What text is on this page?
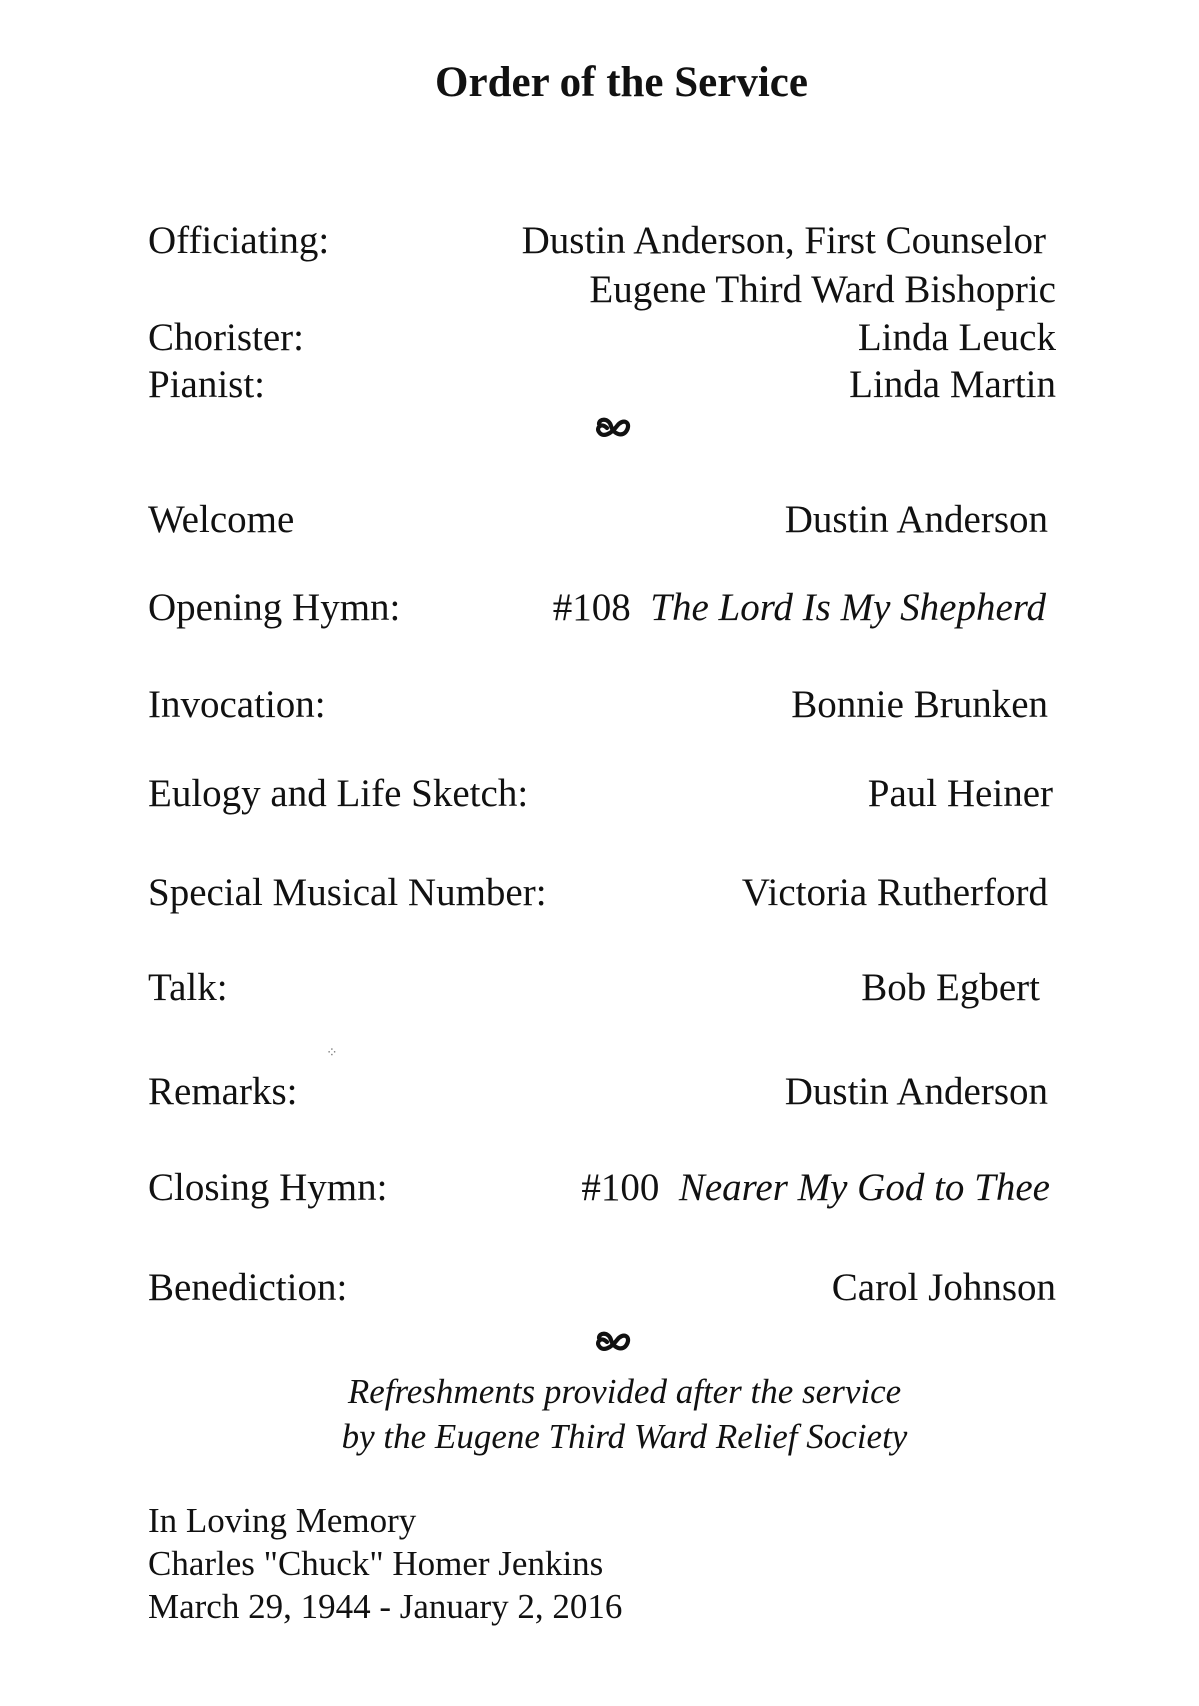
Order of the Service
Officiating:	Dustin Anderson, First Counselor
Eugene Third Ward Bishopric
Chorister:	Linda Leuck
Pianist:	Linda Martin
Welcome	Dustin Anderson
Opening Hymn:	#108 The Lord Is My Shepherd
Invocation:	Bonnie Brunken
Eulogy and Life Sketch:	Paul Heiner
Special Musical Number:	Victoria Rutherford
Talk:	Bob Egbert
Remarks:	Dustin Anderson
Closing Hymn:	#100 Nearer My God to Thee
Benediction:	Carol Johnson
Refreshments provided after the service
by the Eugene Third Ward Relief Society
In Loving Memory
Charles "Chuck" Homer Jenkins
March 29, 1944 - January 2, 2016
⁘
